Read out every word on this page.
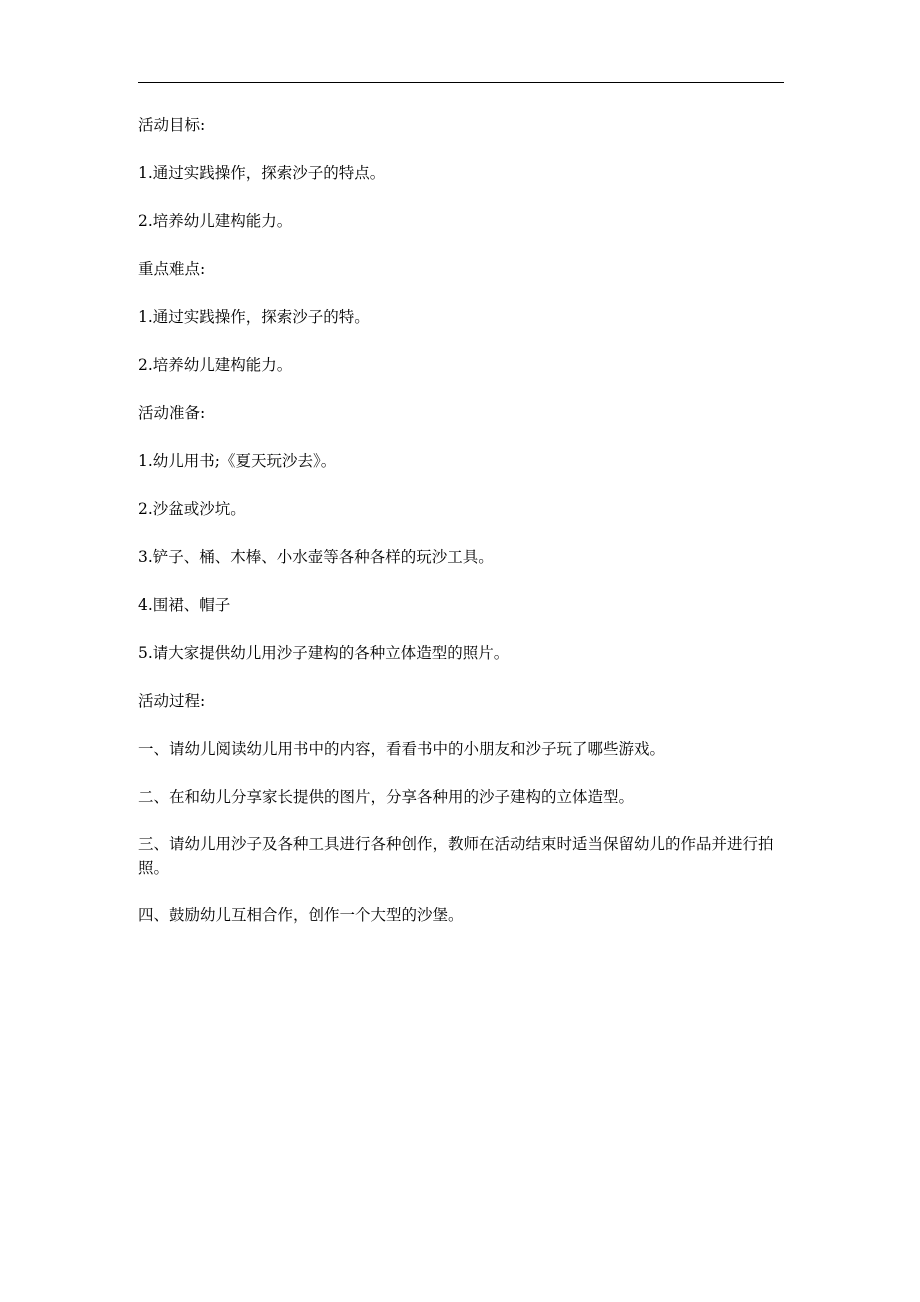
活动目标:

1.通过实践操作，探索沙子的特点。

2.培养幼儿建构能力。

重点难点:

1.通过实践操作，探索沙子的特。

2.培养幼儿建构能力。

活动准备:

1.幼儿用书;《夏天玩沙去》。

2.沙盆或沙坑。

3.铲子、桶、木棒、小水壶等各种各样的玩沙工具。

4.围裙、帽子

5.请大家提供幼儿用沙子建构的各种立体造型的照片。

活动过程:

一、请幼儿阅读幼儿用书中的内容，看看书中的小朋友和沙子玩了哪些游戏。

二、在和幼儿分享家长提供的图片，分享各种用的沙子建构的立体造型。

三、请幼儿用沙子及各种工具进行各种创作，教师在活动结束时适当保留幼儿的作品并进行拍照。

四、鼓励幼儿互相合作，创作一个大型的沙堡。
